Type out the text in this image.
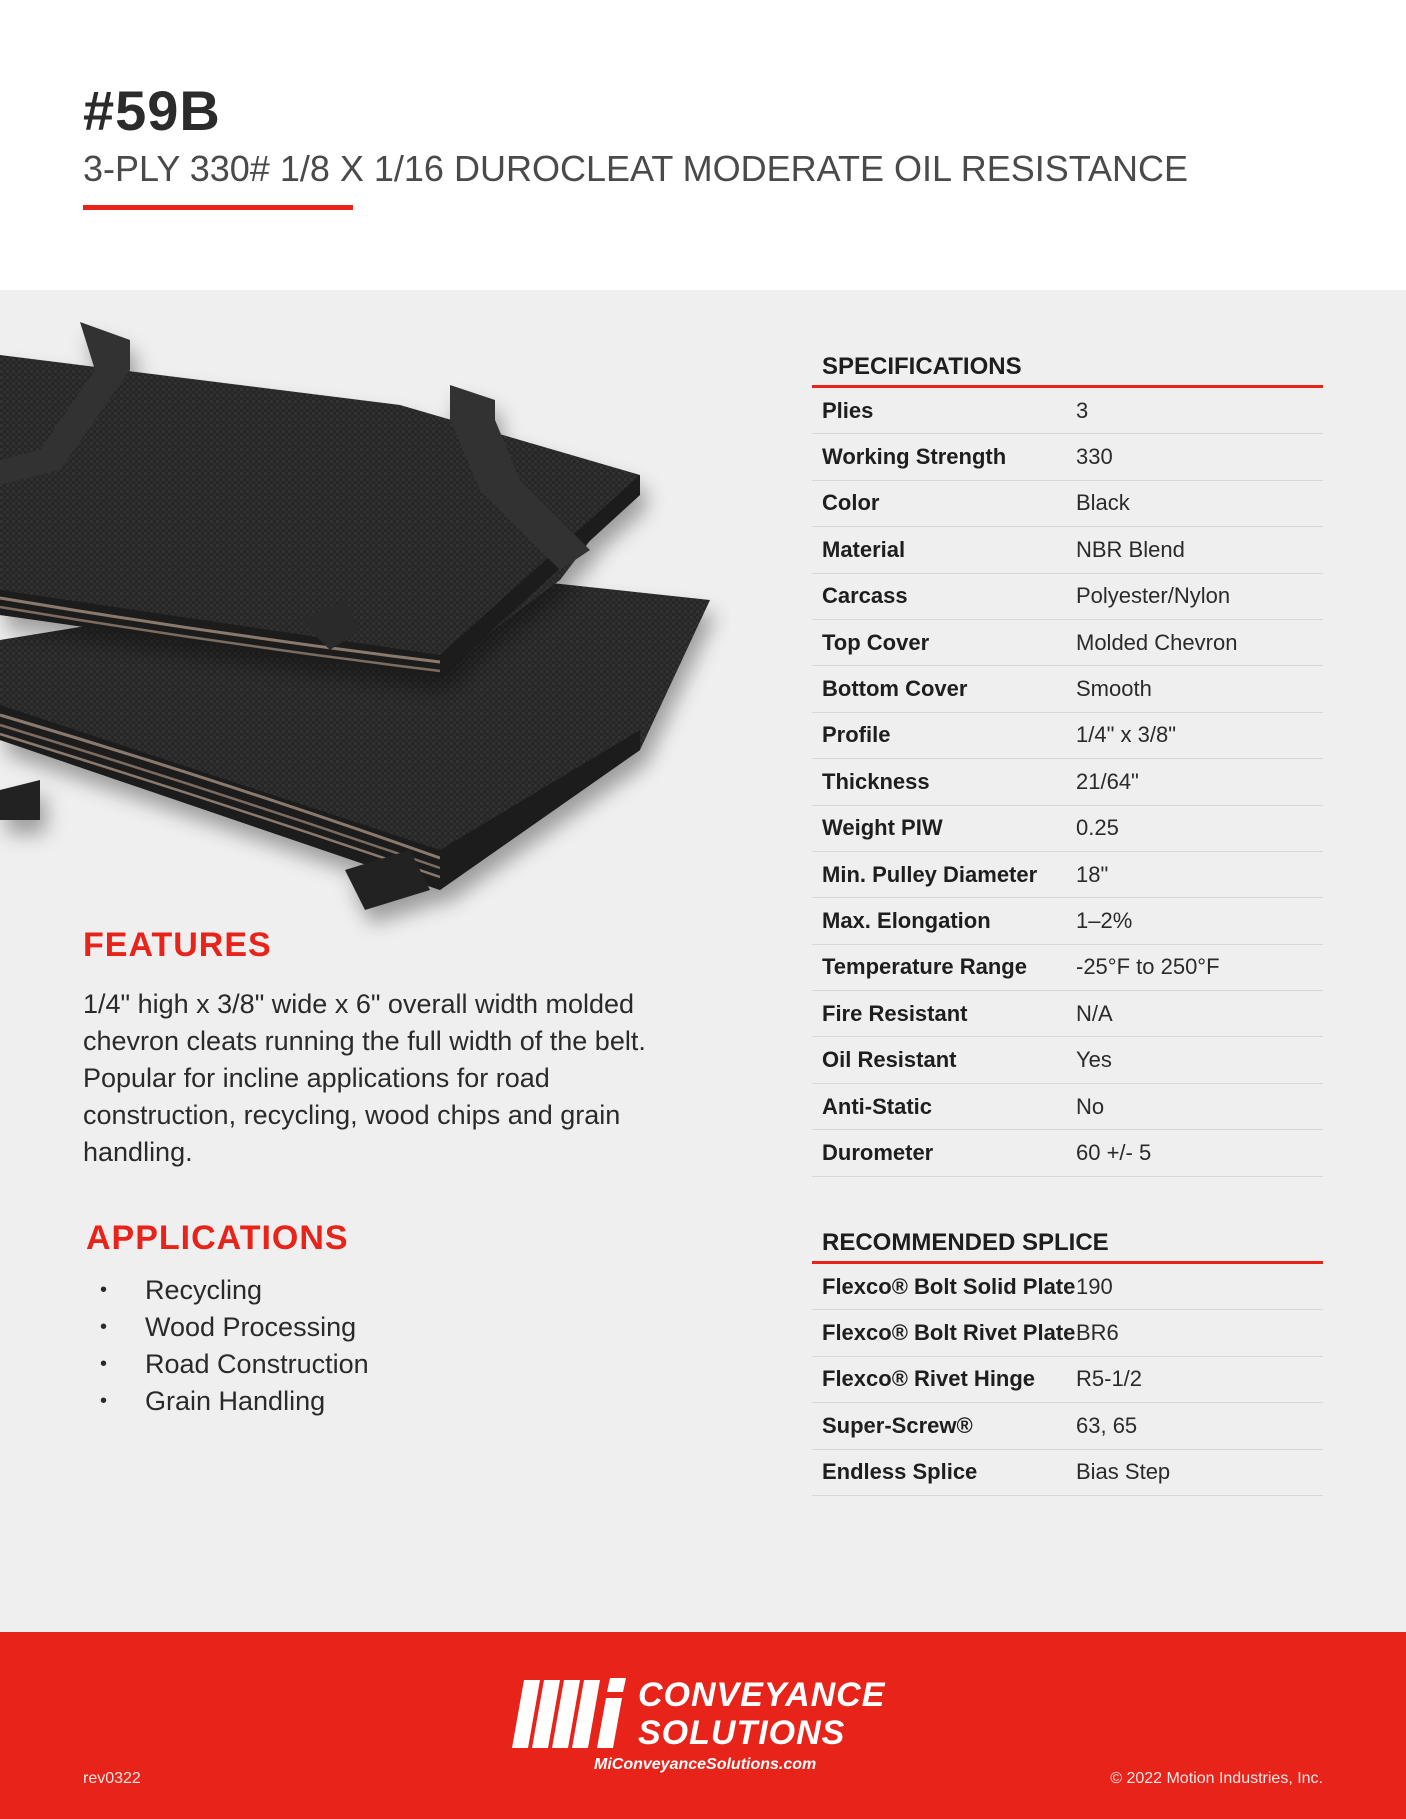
#59B
3-PLY 330# 1/8 X 1/16 DUROCLEAT MODERATE OIL RESISTANCE
FEATURES
1/4" high x 3/8" wide x 6" overall width molded chevron cleats running the full width of the belt. Popular for incline applications for road construction, recycling, wood chips and grain handling.
APPLICATIONS
•	Recycling
•	Wood Processing
•	Road Construction
•	Grain Handling
SPECIFICATIONS
Plies	3
Working Strength	330
Color	Black
Material	NBR Blend
Carcass	Polyester/Nylon
Top Cover	Molded Chevron
Bottom Cover	Smooth
Profile	1/4" x 3/8"
Thickness	21/64"
Weight PIW	0.25
Min. Pulley Diameter	18"
Max. Elongation	1–2%
Temperature Range	-25°F to 250°F
Fire Resistant	N/A
Oil Resistant	Yes
Anti-Static	No
Durometer	60 +/- 5
RECOMMENDED SPLICE
Flexco® Bolt Solid Plate 190
Flexco® Bolt Rivet Plate BR6
Flexco® Rivet Hinge	R5-1/2
Super-Screw®	63, 65
Endless Splice	Bias Step
CONVEYANCE
SOLUTIONS
MiConveyanceSolutions.com
rev0322	© 2022 Motion Industries, Inc.
